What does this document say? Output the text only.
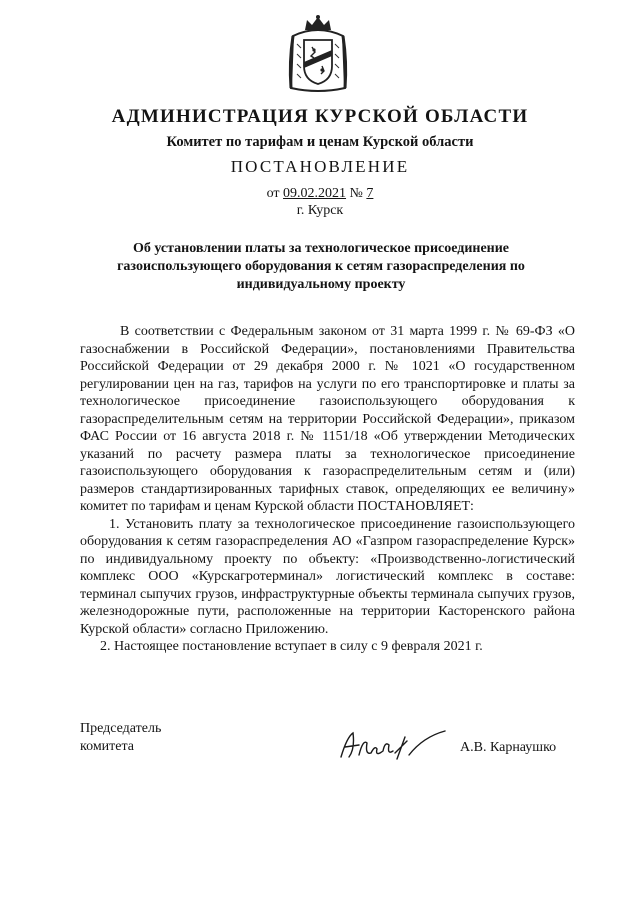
АДМИНИСТРАЦИЯ КУРСКОЙ ОБЛАСТИ
Комитет по тарифам и ценам Курской области
ПОСТАНОВЛЕНИЕ
от 09.02.2021 № 7
г. Курск
Об установлении платы за технологическое присоединение газоиспользующего оборудования к сетям газораспределения по индивидуальному проекту

В соответствии с Федеральным законом от 31 марта 1999 г. № 69-ФЗ «О газоснабжении в Российской Федерации», постановлениями Правительства Российской Федерации от 29 декабря 2000 г. № 1021 «О государственном регулировании цен на газ, тарифов на услуги по его транспортировке и платы за технологическое присоединение газоиспользующего оборудования к газораспределительным сетям на территории Российской Федерации», приказом ФАС России от 16 августа 2018 г. № 1151/18 «Об утверждении Методических указаний по расчету размера платы за технологическое присоединение газоиспользующего оборудования к газораспределительным сетям и (или) размеров стандартизированных тарифных ставок, определяющих ее величину» комитет по тарифам и ценам Курской области ПОСТАНОВЛЯЕТ:

1. Установить плату за технологическое присоединение газоиспользующего оборудования к сетям газораспределения АО «Газпром газораспределение Курск» по индивидуальному проекту по объекту: «Производственно-логистический комплекс ООО «Курскагротерминал» логистический комплекс в составе: терминал сыпучих грузов, инфраструктурные объекты терминала сыпучих грузов, железнодорожные пути, расположенные на территории Касторенского района Курской области» согласно Приложению.

2. Настоящее постановление вступает в силу с 9 февраля 2021 г.

Председатель
комитета	А.В. Карнаушко
